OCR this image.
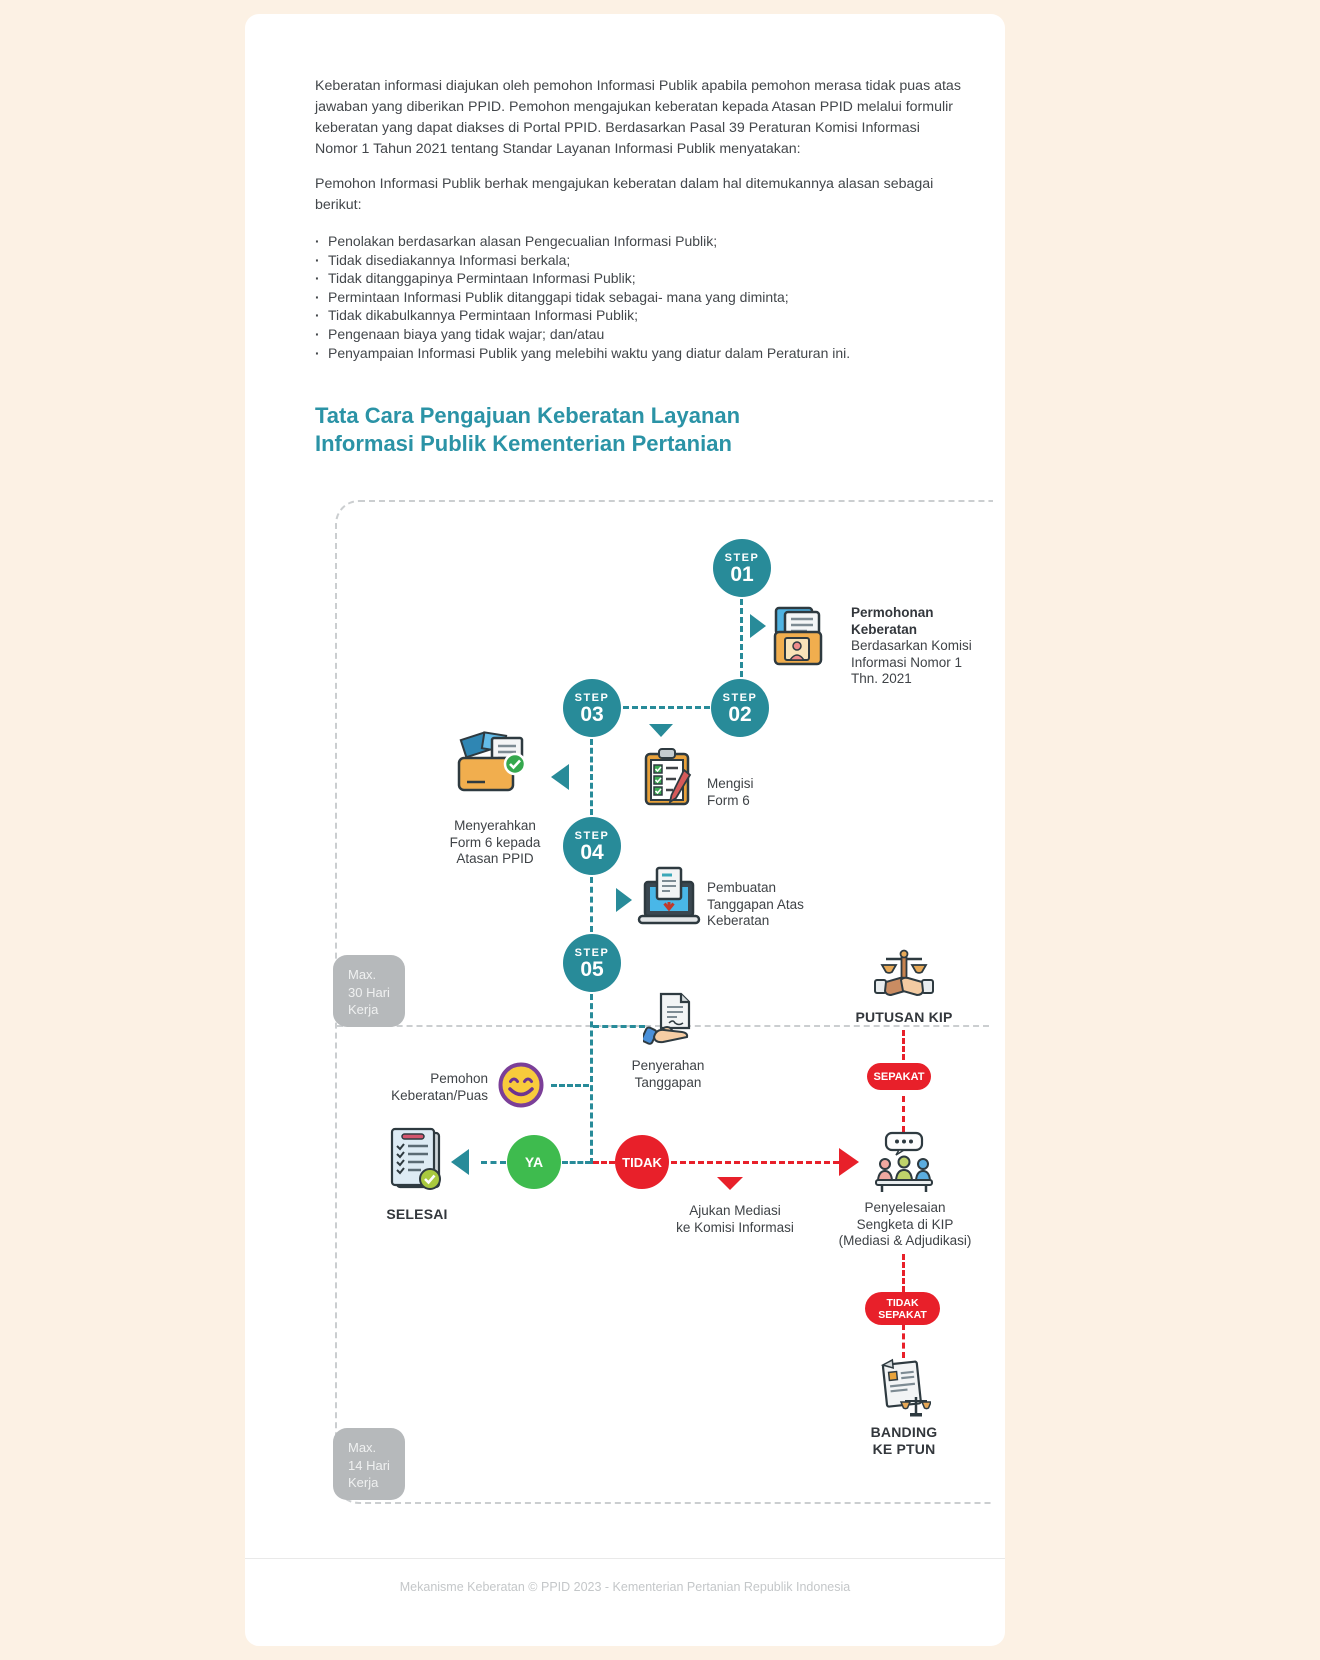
Keberatan informasi diajukan oleh pemohon Informasi Publik apabila pemohon merasa tidak puas atas jawaban yang diberikan PPID. Pemohon mengajukan keberatan kepada Atasan PPID melalui formulir keberatan yang dapat diakses di Portal PPID. Berdasarkan Pasal 39 Peraturan Komisi Informasi Nomor 1 Tahun 2021 tentang Standar Layanan Informasi Publik menyatakan:

Pemohon Informasi Publik berhak mengajukan keberatan dalam hal ditemukannya alasan sebagai berikut:

· Penolakan berdasarkan alasan Pengecualian Informasi Publik;
· Tidak disediakannya Informasi berkala;
· Tidak ditanggapinya Permintaan Informasi Publik;
· Permintaan Informasi Publik ditanggapi tidak sebagai- mana yang diminta;
· Tidak dikabulkannya Permintaan Informasi Publik;
· Pengenaan biaya yang tidak wajar; dan/atau
· Penyampaian Informasi Publik yang melebihi waktu yang diatur dalam Peraturan ini.
Tata Cara Pengajuan Keberatan Layanan
Informasi Publik Kementerian Pertanian
STEP
01
STEP
02
STEP
03
STEP
04
STEP
05
Permohonan
Keberatan
Berdasarkan Komisi
Informasi Nomor 1
Thn. 2021
Mengisi
Form 6
Menyerahkan
Form 6 kepada
Atasan PPID
Pembuatan
Tanggapan Atas
Keberatan
Penyerahan
Tanggapan
Pemohon
Keberatan/Puas
SELESAI	Ajukan Mediasi
ke Komisi Informasi
PUTUSAN KIP
Penyelesaian
Sengketa di KIP
(Mediasi & Adjudikasi)
BANDING
KE PTUN
YA	TIDAK
SEPAKAT
TIDAK
SEPAKAT
Max.
30 Hari
Kerja
Max.
14 Hari
Kerja
Mekanisme Keberatan © PPID 2023 - Kementerian Pertanian Republik Indonesia
